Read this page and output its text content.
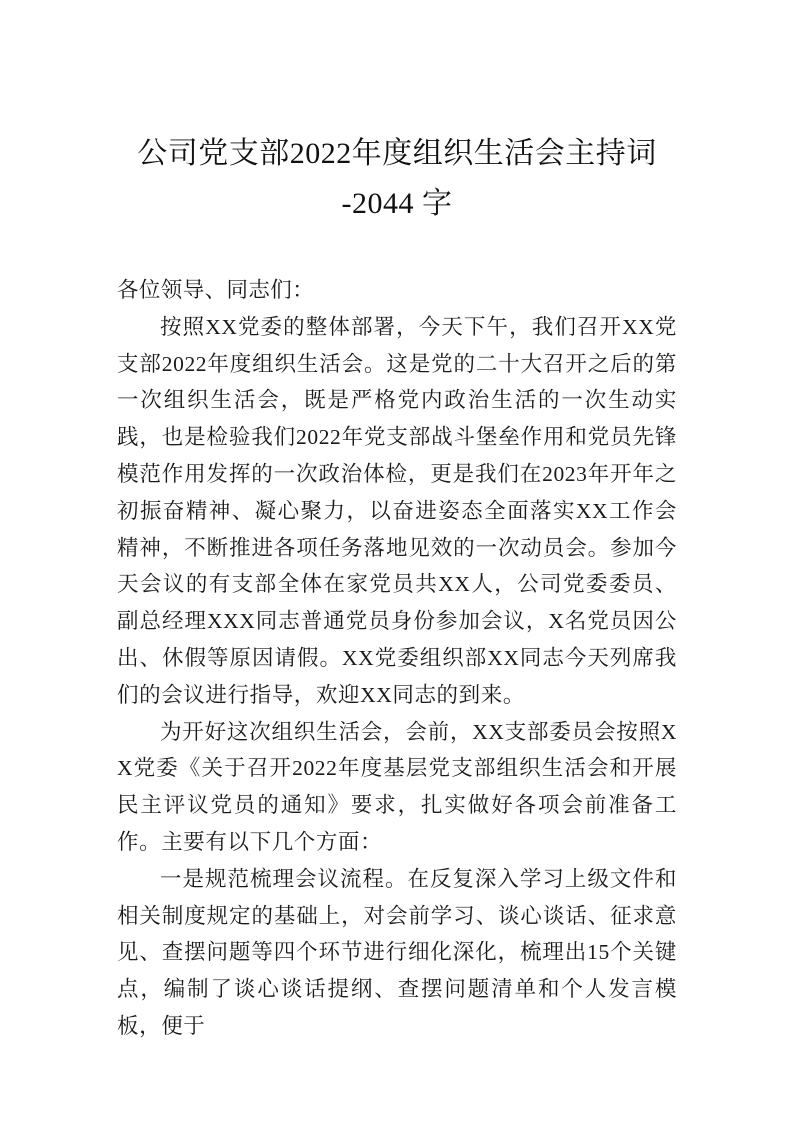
公司党支部2022年度组织生活会主持词
-2044 字

各位领导、同志们：

按照XX党委的整体部署，今天下午，我们召开XX党支部2022年度组织生活会。这是党的二十大召开之后的第一次组织生活会，既是严格党内政治生活的一次生动实践，也是检验我们2022年党支部战斗堡垒作用和党员先锋模范作用发挥的一次政治体检，更是我们在2023年开年之初振奋精神、凝心聚力，以奋进姿态全面落实XX工作会精神，不断推进各项任务落地见效的一次动员会。参加今天会议的有支部全体在家党员共XX人，公司党委委员、副总经理XXX同志普通党员身份参加会议，X名党员因公出、休假等原因请假。XX党委组织部XX同志今天列席我们的会议进行指导，欢迎XX同志的到来。

为开好这次组织生活会，会前，XX支部委员会按照XX党委《关于召开2022年度基层党支部组织生活会和开展民主评议党员的通知》要求，扎实做好各项会前准备工作。主要有以下几个方面：

一是规范梳理会议流程。在反复深入学习上级文件和相关制度规定的基础上，对会前学习、谈心谈话、征求意见、查摆问题等四个环节进行细化深化，梳理出15个关键点，编制了谈心谈话提纲、查摆问题清单和个人发言模板，便于
